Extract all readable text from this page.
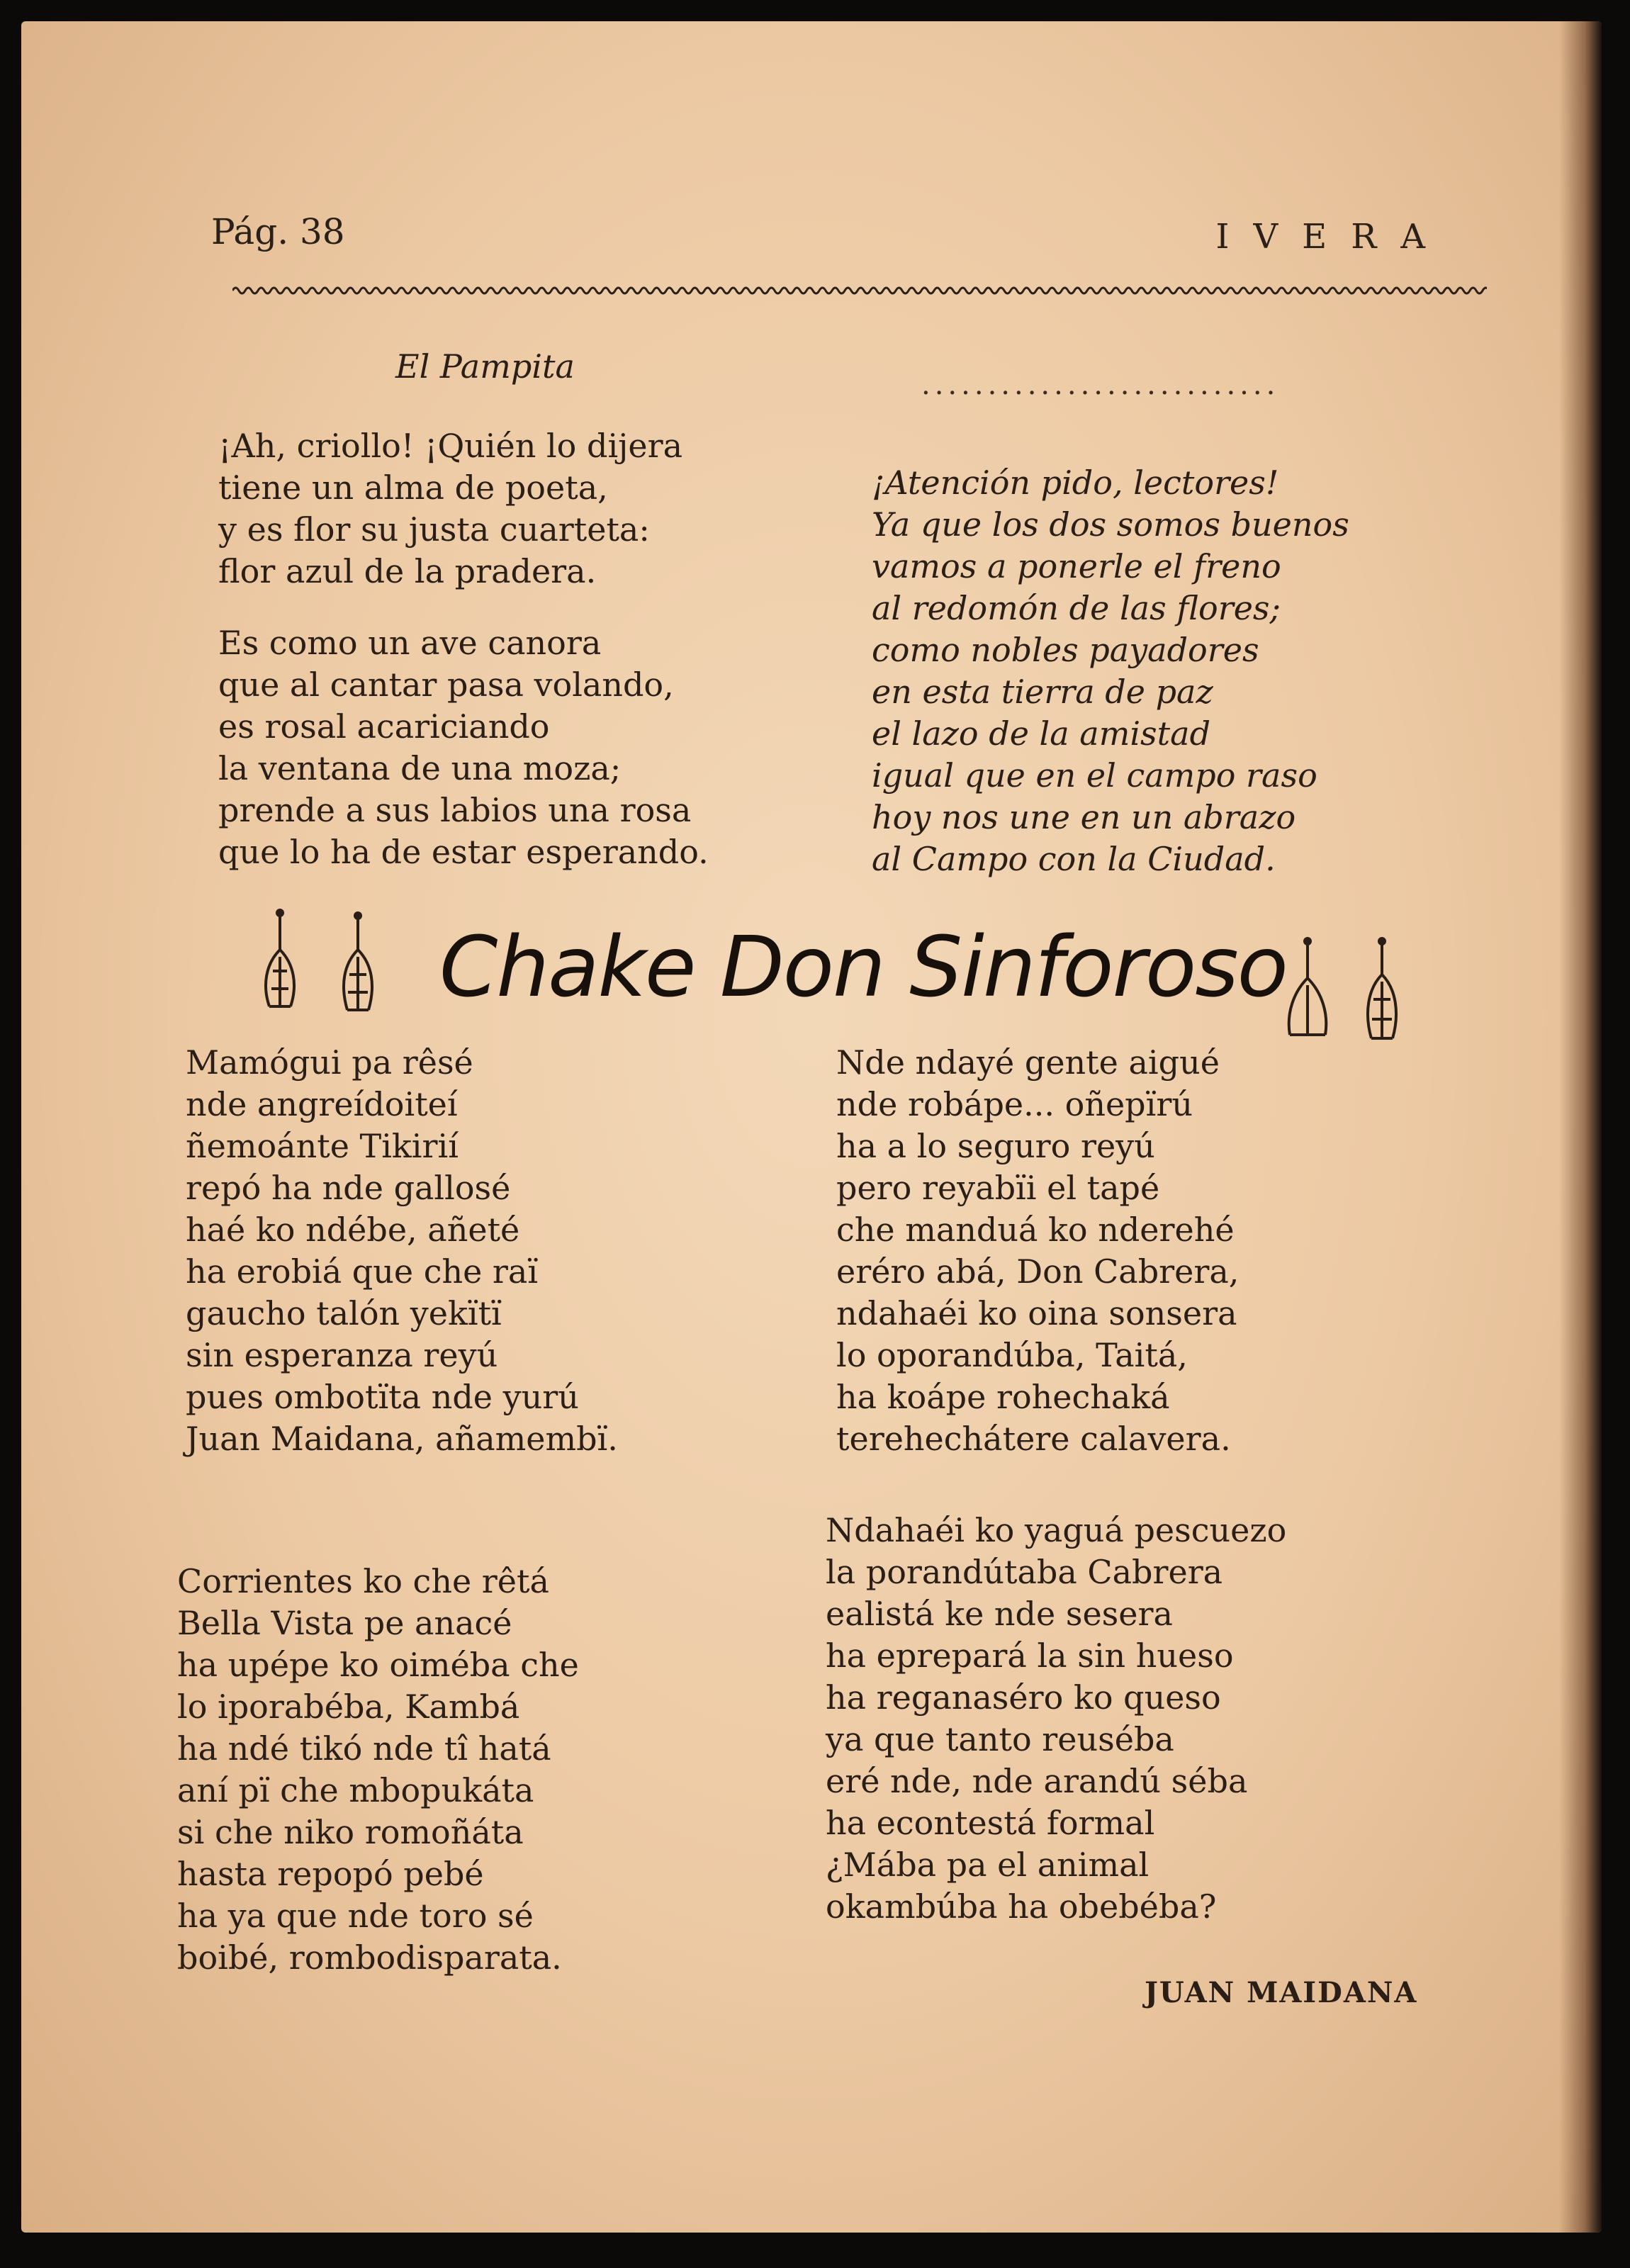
Pág. 38	IVERA
El Pampita
¡Ah, criollo! ¡Quién lo dijera
tiene un alma de poeta,
y es flor su justa cuarteta:
flor azul de la pradera.
Es como un ave canora
que al cantar pasa volando,
es rosal acariciando
la ventana de una moza;
prende a sus labios una rosa
que lo ha de estar esperando.
...........................
¡Atención pido, lectores!
Ya que los dos somos buenos
vamos a ponerle el freno
al redomón de las flores;
como nobles payadores
en esta tierra de paz
el lazo de la amistad
igual que en el campo raso
hoy nos une en un abrazo
al Campo con la Ciudad.
Chake Don Sinforoso
Mamógui pa rêsé
nde angreídoiteí
ñemoánte Tikirií
repó ha nde gallosé
haé ko ndébe, añeté
ha erobiá que che raï
gaucho talón yekïtï
sin esperanza reyú
pues ombotïta nde yurú
Juan Maidana, añamembï.
Corrientes ko che rêtá
Bella Vista pe anacé
ha upépe ko oiméba che
lo iporabéba, Kambá
ha ndé tikó nde tî hatá
aní pï che mbopukáta
si che niko romoñáta
hasta repopó pebé
ha ya que nde toro sé
boibé, rombodisparata.
Nde ndayé gente aigué
nde robápe... oñepïrú
ha a lo seguro reyú
pero reyabïi el tapé
che manduá ko nderehé
eréro abá, Don Cabrera,
ndahaéi ko oina sonsera
lo oporandúba, Taitá,
ha koápe rohechaká
terehechátere calavera.
Ndahaéi ko yaguá pescuezo
la porandútaba Cabrera
ealistá ke nde sesera
ha eprepará la sin hueso
ha reganaséro ko queso
ya que tanto reuséba
eré nde, nde arandú séba
ha econtestá formal
¿Mába pa el animal
okambúba ha obebéba?
JUAN MAIDANA
